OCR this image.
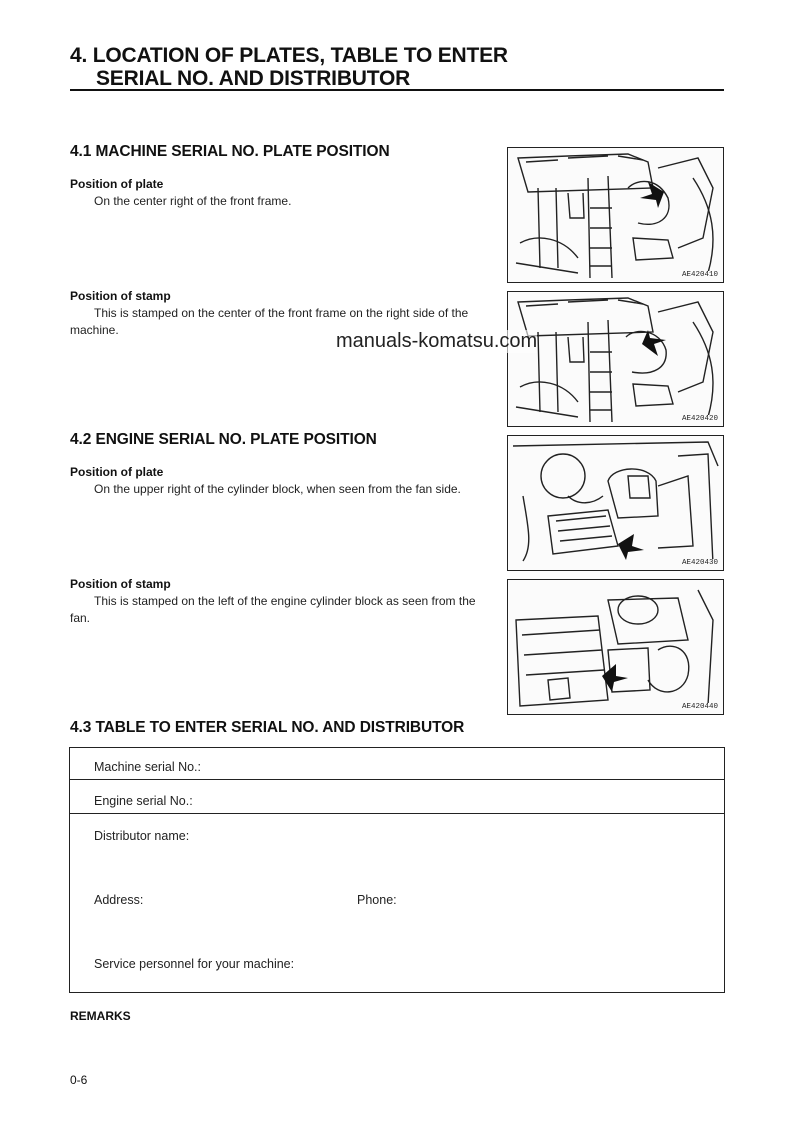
4. LOCATION OF PLATES, TABLE TO ENTER
SERIAL NO. AND DISTRIBUTOR
4.1 MACHINE SERIAL NO. PLATE POSITION
Position of plate
On the center right of the front frame.
Position of stamp
This is stamped on the center of the front frame on the right side of the machine.
AE420410
AE420420
manuals-komatsu.com
4.2 ENGINE SERIAL NO. PLATE POSITION
Position of plate
On the upper right of the cylinder block, when seen from the fan side.
Position of stamp
This is stamped on the left of the engine cylinder block as seen from the fan.
AE420430
AE420440
4.3 TABLE TO ENTER SERIAL NO. AND DISTRIBUTOR
Machine serial No.:
Engine serial No.:
Distributor name:
Address:	Phone:
Service personnel for your machine:
REMARKS
0-6
